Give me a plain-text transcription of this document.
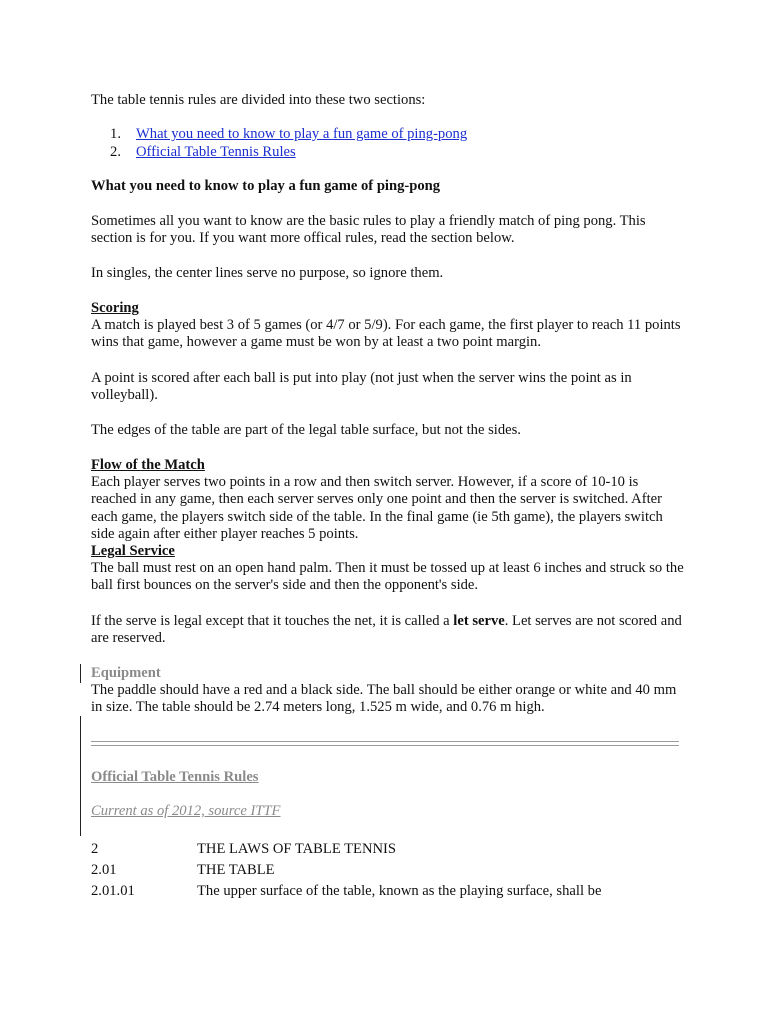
The table tennis rules are divided into these two sections:

1. What you need to know to play a fun game of ping-pong
2. Official Table Tennis Rules

What you need to know to play a fun game of ping-pong

Sometimes all you want to know are the basic rules to play a friendly match of ping pong. This section is for you. If you want more offical rules, read the section below.

In singles, the center lines serve no purpose, so ignore them.

Scoring
A match is played best 3 of 5 games (or 4/7 or 5/9). For each game, the first player to reach 11 points wins that game, however a game must be won by at least a two point margin.

A point is scored after each ball is put into play (not just when the server wins the point as in volleyball).

The edges of the table are part of the legal table surface, but not the sides.

Flow of the Match
Each player serves two points in a row and then switch server. However, if a score of 10-10 is reached in any game, then each server serves only one point and then the server is switched. After each game, the players switch side of the table. In the final game (ie 5th game), the players switch side again after either player reaches 5 points.
Legal Service
The ball must rest on an open hand palm. Then it must be tossed up at least 6 inches and struck so the ball first bounces on the server's side and then the opponent's side.

If the serve is legal except that it touches the net, it is called a let serve. Let serves are not scored and are reserved.

Equipment
The paddle should have a red and a black side. The ball should be either orange or white and 40 mm in size. The table should be 2.74 meters long, 1.525 m wide, and 0.76 m high.

Official Table Tennis Rules

Current as of 2012, source ITTF

2	THE LAWS OF TABLE TENNIS
2.01	THE TABLE
2.01.01	The upper surface of the table, known as the playing surface, shall be
